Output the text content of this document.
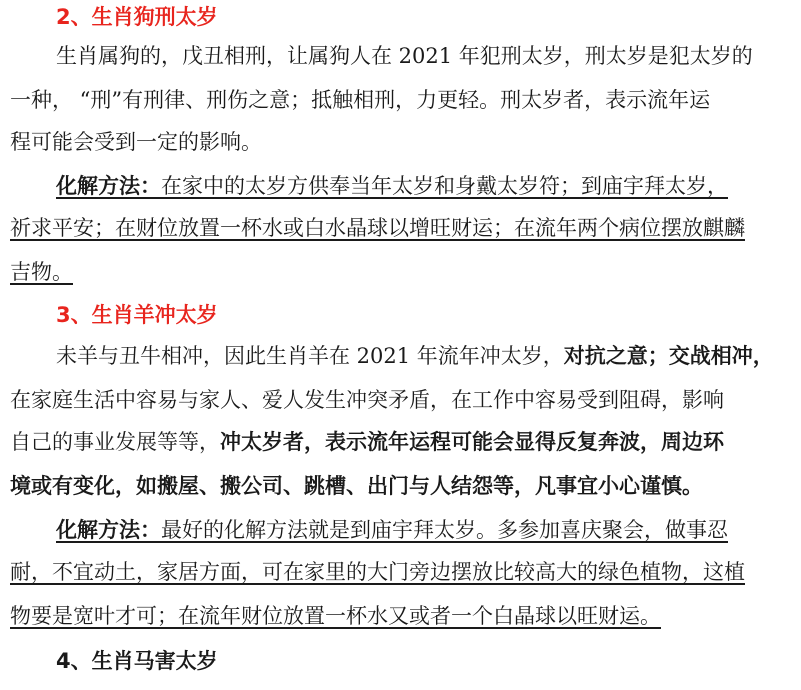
2、生肖狗刑太岁
生肖属狗的，戊丑相刑，让属狗人在 2021 年犯刑太岁，刑太岁是犯太岁的
一种， “刑”有刑律、刑伤之意；抵触相刑，力更轻。刑太岁者，表示流年运
程可能会受到一定的影响。
化解方法：在家中的太岁方供奉当年太岁和身戴太岁符；到庙宇拜太岁，
祈求平安；在财位放置一杯水或白水晶球以增旺财运；在流年两个病位摆放麒麟
吉物。
3、生肖羊冲太岁
未羊与丑牛相冲，因此生肖羊在 2021 年流年冲太岁，对抗之意；交战相冲，
在家庭生活中容易与家人、爱人发生冲突矛盾，在工作中容易受到阻碍，影响
自己的事业发展等等，冲太岁者，表示流年运程可能会显得反复奔波，周边环
境或有变化，如搬屋、搬公司、跳槽、出门与人结怨等，凡事宜小心谨慎。
化解方法：最好的化解方法就是到庙宇拜太岁。多参加喜庆聚会，做事忍
耐，不宜动土，家居方面，可在家里的大门旁边摆放比较高大的绿色植物，这植
物要是宽叶才可；在流年财位放置一杯水又或者一个白晶球以旺财运。
4、生肖马害太岁
